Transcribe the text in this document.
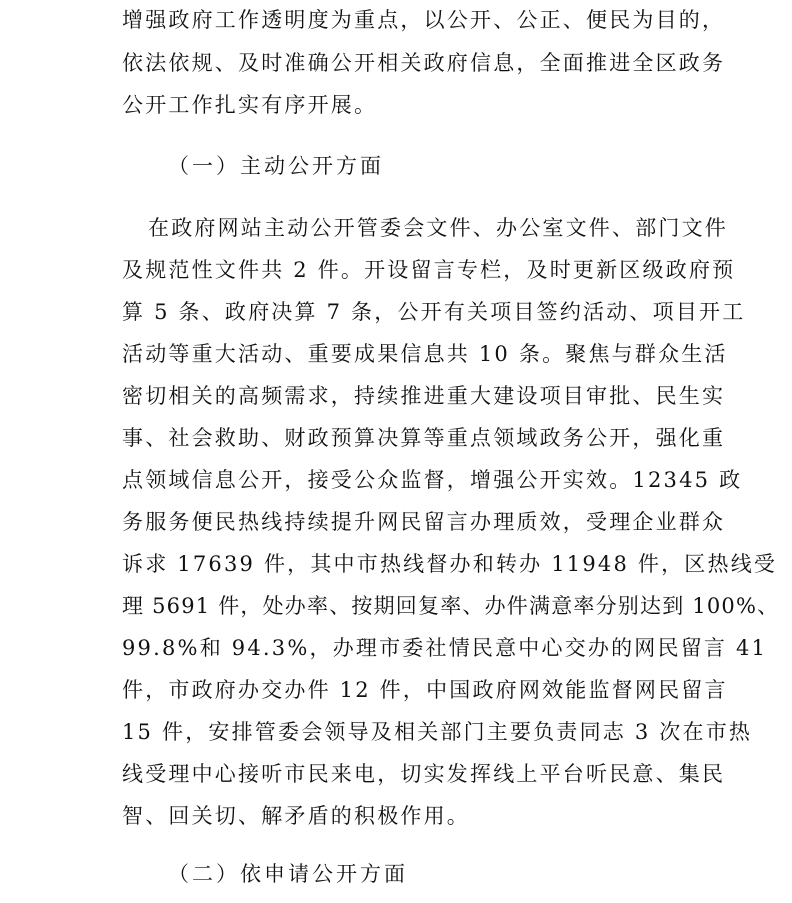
增强政府工作透明度为重点，以公开、公正、便民为目的，
依法依规、及时准确公开相关政府信息，全面推进全区政务
公开工作扎实有序开展。
（一）主动公开方面
在政府网站主动公开管委会文件、办公室文件、部门文件
及规范性文件共 2 件。开设留言专栏，及时更新区级政府预
算 5 条、政府决算 7 条，公开有关项目签约活动、项目开工
活动等重大活动、重要成果信息共 10 条。聚焦与群众生活
密切相关的高频需求，持续推进重大建设项目审批、民生实
事、社会救助、财政预算决算等重点领域政务公开，强化重
点领域信息公开，接受公众监督，增强公开实效。12345 政
务服务便民热线持续提升网民留言办理质效，受理企业群众
诉求 17639 件，其中市热线督办和转办 11948 件，区热线受
理 5691 件，处办率、按期回复率、办件满意率分别达到 100%、
99.8%和 94.3%，办理市委社情民意中心交办的网民留言 41
件，市政府办交办件 12 件，中国政府网效能监督网民留言
15 件，安排管委会领导及相关部门主要负责同志 3 次在市热
线受理中心接听市民来电，切实发挥线上平台听民意、集民
智、回关切、解矛盾的积极作用。
（二）依申请公开方面
